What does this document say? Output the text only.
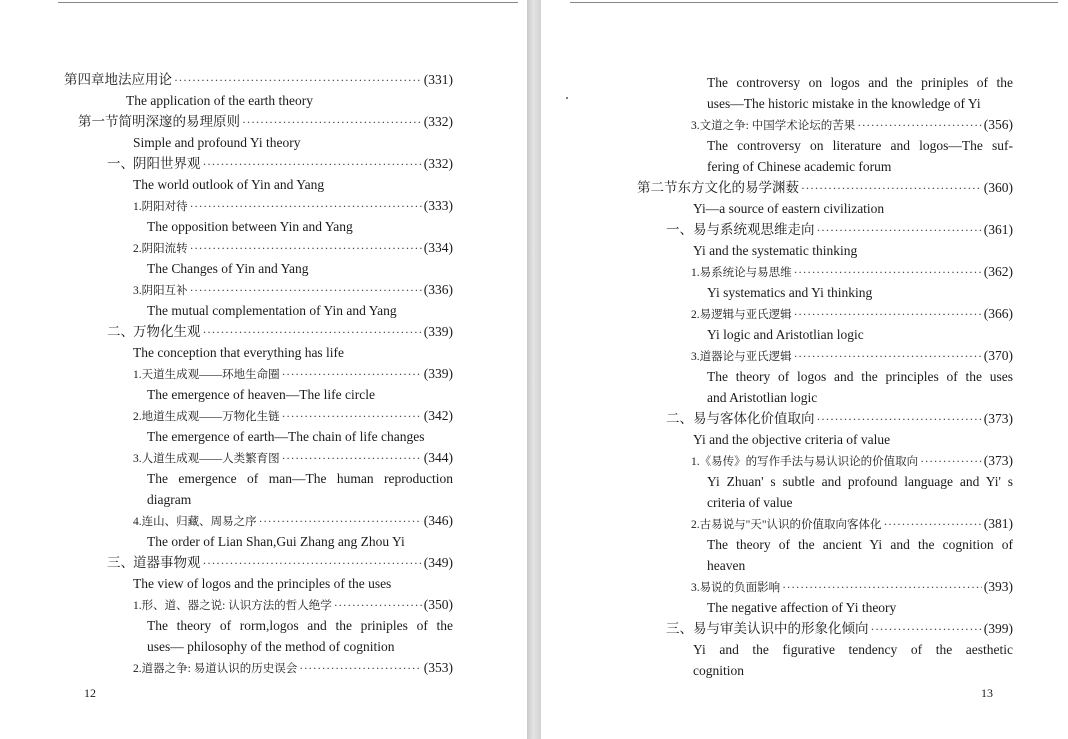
第四章 地法应用论 ·····	(331)
The application of the earth theory
第一节 简明深邃的易理原则 ·····	(332)
Simple and profound Yi theory
一、 阴阳世界观 ·····	(332)
The world outlook of Yin and Yang
1. 阴阳对待 ·····	(333)
The opposition between Yin and Yang
2. 阴阳流转 ·····	(334)
The Changes of Yin and Yang
3. 阴阳互补 ·····	(336)
The mutual complementation of Yin and Yang
二、 万物化生观 ·····	(339)
The conception that everything has life
1. 天道生成观——环地生命圈 ·····	(339)
The emergence of heaven—The life circle
2. 地道生成观——万物化生链 ·····	(342)
The emergence of earth—The chain of life changes
3. 人道生成观——人类繁育图 ·····	(344)
The emergence of man—The human reproduction
diagram
4. 连山、归藏、周易之序 ·····	(346)
The order of Lian Shan,Gui Zhang ang Zhou Yi
三、 道器事物观 ·····	(349)
The view of logos and the principles of the uses
1. 形、道、器之说: 认识方法的哲人绝学 ·····	(350)
The theory of rorm,logos and the priniples of the
uses— philosophy of the method of cognition
2. 道器之争: 易道认识的历史误会 ·····	(353)
12
The controversy on logos and the priniples of the
uses—The historic mistake in the knowledge of Yi
3. 文道之争: 中国学术论坛的苦果 ·····	(356)
The controversy on literature and logos—The suf-
fering of Chinese academic forum
第二节 东方文化的易学渊薮 ·····	(360)
Yi—a source of eastern civilization
一、 易与系统观思维走向 ·····	(361)
Yi and the systematic thinking
1. 易系统论与易思维 ·····	(362)
Yi systematics and Yi thinking
2. 易逻辑与亚氏逻辑 ·····	(366)
Yi logic and Aristotlian logic
3. 道器论与亚氏逻辑 ·····	(370)
The theory of logos and the principles of the uses
and Aristotlian logic
二、 易与客体化价值取向 ·····	(373)
Yi and the objective criteria of value
1. 《易传》的写作手法与易认识论的价值取向 ·····	(373)
Yi Zhuan' s subtle and profound language and Yi' s
criteria of value
2. 古易说与"天"认识的价值取向客体化 ·····	(381)
The theory of the ancient Yi and the cognition of
heaven
3. 易说的负面影响 ·····	(393)
The negative affection of Yi theory
三、 易与审美认识中的形象化倾向 ·····	(399)
Yi and the figurative tendency of the aesthetic
cognition
13
